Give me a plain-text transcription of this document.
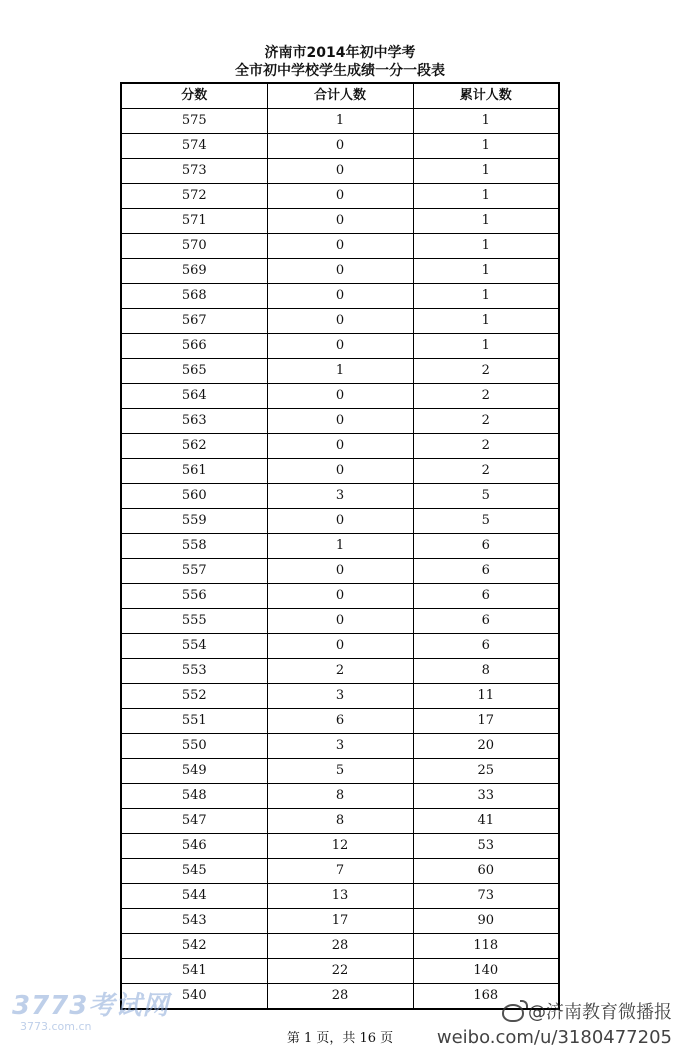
济南市2014年初中学考
全市初中学校学生成绩一分一段表
分数	合计人数	累计人数
575	1	1
574	0	1
573	0	1
572	0	1
571	0	1
570	0	1
569	0	1
568	0	1
567	0	1
566	0	1
565	1	2
564	0	2
563	0	2
562	0	2
561	0	2
560	3	5
559	0	5
558	1	6
557	0	6
556	0	6
555	0	6
554	0	6
553	2	8
552	3	11
551	6	17
550	3	20
549	5	25
548	8	33
547	8	41
546	12	53
545	7	60
544	13	73
543	17	90
542	28	118
541	22	140
540	28	168
第 1 页，共 16 页
3773考试网
3773.com.cn
@济南教育微播报
weibo.com/u/3180477205
